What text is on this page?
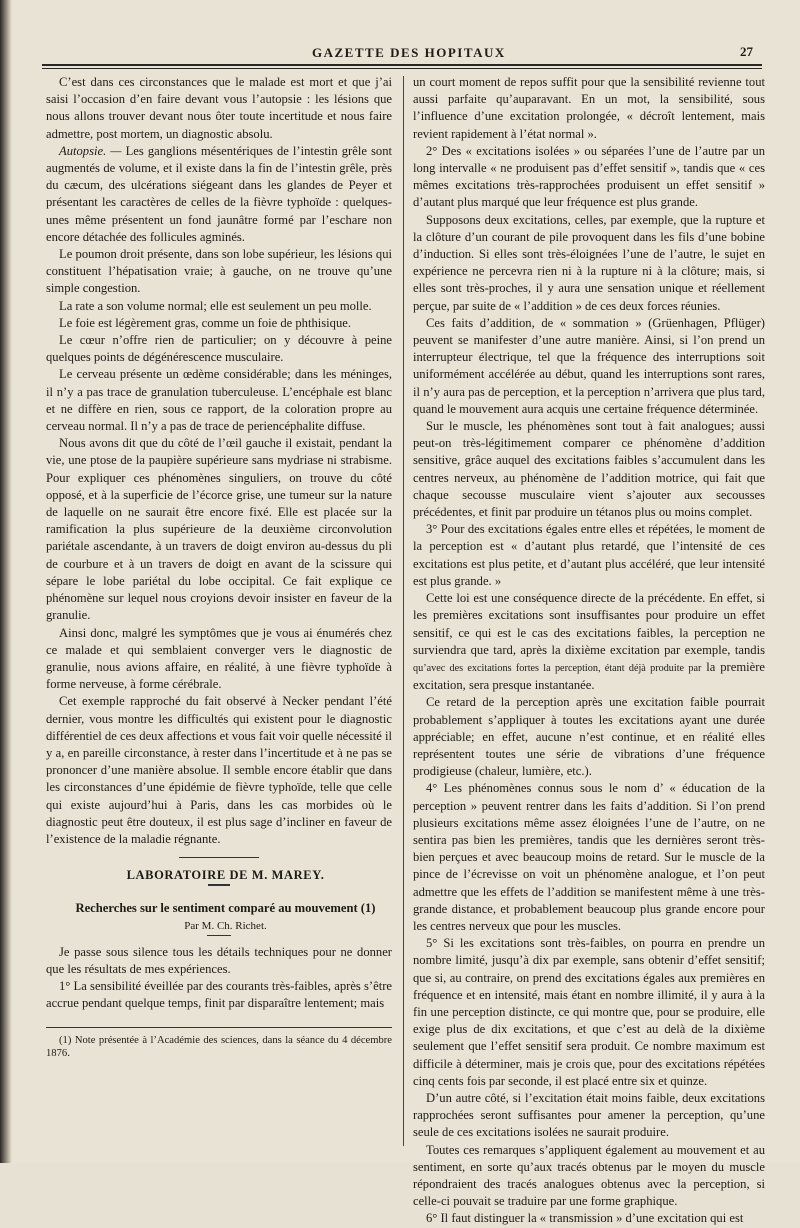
GAZETTE DES HOPITAUX	27

C’est dans ces circonstances que le malade est mort et que j’ai saisi l’occasion d’en faire devant vous l’autopsie : les lésions que nous allons trouver devant nous ôter toute incertitude et nous faire admettre, post mortem, un diagnostic absolu.

Autopsie. — Les ganglions mésentériques de l’intestin grêle sont augmentés de volume, et il existe dans la fin de l’intestin grêle, près du cæcum, des ulcérations siégeant dans les glandes de Peyer et présentant les caractères de celles de la fièvre typhoïde : quelques-unes même présentent un fond jaunâtre formé par l’eschare non encore détachée des follicules agminés.

Le poumon droit présente, dans son lobe supérieur, les lésions qui constituent l’hépatisation vraie; à gauche, on ne trouve qu’une simple congestion.

La rate a son volume normal; elle est seulement un peu molle.

Le foie est légèrement gras, comme un foie de phthisique.

Le cœur n’offre rien de particulier; on y découvre à peine quelques points de dégénérescence musculaire.

Le cerveau présente un œdème considérable; dans les méninges, il n’y a pas trace de granulation tuberculeuse. L’encéphale est blanc et ne diffère en rien, sous ce rapport, de la coloration propre au cerveau normal. Il n’y a pas de trace de periencéphalite diffuse.

Nous avons dit que du côté de l’œil gauche il existait, pendant la vie, une ptose de la paupière supérieure sans mydriase ni strabisme. Pour expliquer ces phénomènes singuliers, on trouve du côté opposé, et à la superficie de l’écorce grise, une tumeur sur la nature de laquelle on ne saurait être encore fixé. Elle est placée sur la ramification la plus supérieure de la deuxième circonvolution pariétale ascendante, à un travers de doigt environ au-dessus du pli de courbure et à un travers de doigt en avant de la scissure qui sépare le lobe pariétal du lobe occipital. Ce fait explique ce phénomène sur lequel nous croyions devoir insister en faveur de la granulie.

Ainsi donc, malgré les symptômes que je vous ai énumérés chez ce malade et qui semblaient converger vers le diagnostic de granulie, nous avions affaire, en réalité, à une fièvre typhoïde à forme nerveuse, à forme cérébrale.

Cet exemple rapproché du fait observé à Necker pendant l’été dernier, vous montre les difficultés qui existent pour le diagnostic différentiel de ces deux affections et vous fait voir quelle nécessité il y a, en pareille circonstance, à rester dans l’incertitude et à ne pas se prononcer d’une manière absolue. Il semble encore établir que dans les circonstances d’une épidémie de fièvre typhoïde, telle que celle qui existe aujourd’hui à Paris, dans les cas morbides où le diagnostic peut être douteux, il est plus sage d’incliner en faveur de l’existence de la maladie régnante.

LABORATOIRE DE M. MAREY.

Recherches sur le sentiment comparé au mouvement (1)

Par M. Ch. Richet.

Je passe sous silence tous les détails techniques pour ne donner que les résultats de mes expériences.

1° La sensibilité éveillée par des courants très-faibles, après s’être accrue pendant quelque temps, finit par disparaître lentement; mais

(1) Note présentée à l’Académie des sciences, dans la séance du 4 décembre 1876.

un court moment de repos suffit pour que la sensibilité revienne tout aussi parfaite qu’auparavant. En un mot, la sensibilité, sous l’influence d’une excitation prolongée, « décroît lentement, mais revient rapidement à l’état normal ».

2° Des « excitations isolées » ou séparées l’une de l’autre par un long intervalle « ne produisent pas d’effet sensitif », tandis que « ces mêmes excitations très-rapprochées produisent un effet sensitif » d’autant plus marqué que leur fréquence est plus grande.

Supposons deux excitations, celles, par exemple, que la rupture et la clôture d’un courant de pile provoquent dans les fils d’une bobine d’induction. Si elles sont très-éloignées l’une de l’autre, le sujet en expérience ne percevra rien ni à la rupture ni à la clôture; mais, si elles sont très-proches, il y aura une sensation unique et réellement perçue, par suite de « l’addition » de ces deux forces réunies.

Ces faits d’addition, de « sommation » (Grüenhagen, Pflüger) peuvent se manifester d’une autre manière. Ainsi, si l’on prend un interrupteur électrique, tel que la fréquence des interruptions soit uniformément accélérée au début, quand les interruptions sont rares, il n’y aura pas de perception, et la perception n’arrivera que plus tard, quand le mouvement aura acquis une certaine fréquence déterminée.

Sur le muscle, les phénomènes sont tout à fait analogues; aussi peut-on très-légitimement comparer ce phénomène d’addition sensitive, grâce auquel des excitations faibles s’accumulent dans les centres nerveux, au phénomène de l’addition motrice, qui fait que chaque secousse musculaire vient s’ajouter aux secousses précédentes, et finit par produire un tétanos plus ou moins complet.

3° Pour des excitations égales entre elles et répétées, le moment de la perception est « d’autant plus retardé, que l’intensité de ces excitations est plus petite, et d’autant plus accéléré, que leur intensité est plus grande. »

Cette loi est une conséquence directe de la précédente. En effet, si les premières excitations sont insuffisantes pour produire un effet sensitif, ce qui est le cas des excitations faibles, la perception ne surviendra que tard, après la dixième excitation par exemple, tandis qu’avec des excitations fortes la perception, étant déjà produite par la première excitation, sera presque instantanée.

Ce retard de la perception après une excitation faible pourrait probablement s’appliquer à toutes les excitations ayant une durée appréciable; en effet, aucune n’est continue, et en réalité elles représentent toutes une série de vibrations d’une fréquence prodigieuse (chaleur, lumière, etc.).

4° Les phénomènes connus sous le nom d’ « éducation de la perception » peuvent rentrer dans les faits d’addition. Si l’on prend plusieurs excitations même assez éloignées l’une de l’autre, on ne sentira pas bien les premières, tandis que les dernières seront très-bien perçues et avec beaucoup moins de retard. Sur le muscle de la pince de l’écrevisse on voit un phénomène analogue, et l’on peut admettre que les effets de l’addition se manifestent même à une très-grande distance, et probablement beaucoup plus grande encore pour les centres nerveux que pour les muscles.

5° Si les excitations sont très-faibles, on pourra en prendre un nombre limité, jusqu’à dix par exemple, sans obtenir d’effet sensitif; que si, au contraire, on prend des excitations égales aux premières en fréquence et en intensité, mais étant en nombre illimité, il y aura à la fin une perception distincte, ce qui montre que, pour se produire, elle exige plus de dix excitations, et que c’est au delà de la dixième seulement que l’effet sensitif sera produit. Ce nombre maximum est difficile à déterminer, mais je crois que, pour des excitations répétées cinq cents fois par seconde, il est placé entre six et quinze.

D’un autre côté, si l’excitation était moins faible, deux excitations rapprochées seront suffisantes pour amener la perception, qu’une seule de ces excitations isolées ne saurait produire.

Toutes ces remarques s’appliquent également au mouvement et au sentiment, en sorte qu’aux tracés obtenus par le moyen du muscle répondraient des tracés analogues obtenus avec la perception, si celle-ci pouvait se traduire par une forme graphique.

6° Il faut distinguer la « transmission » d’une excitation qui est
